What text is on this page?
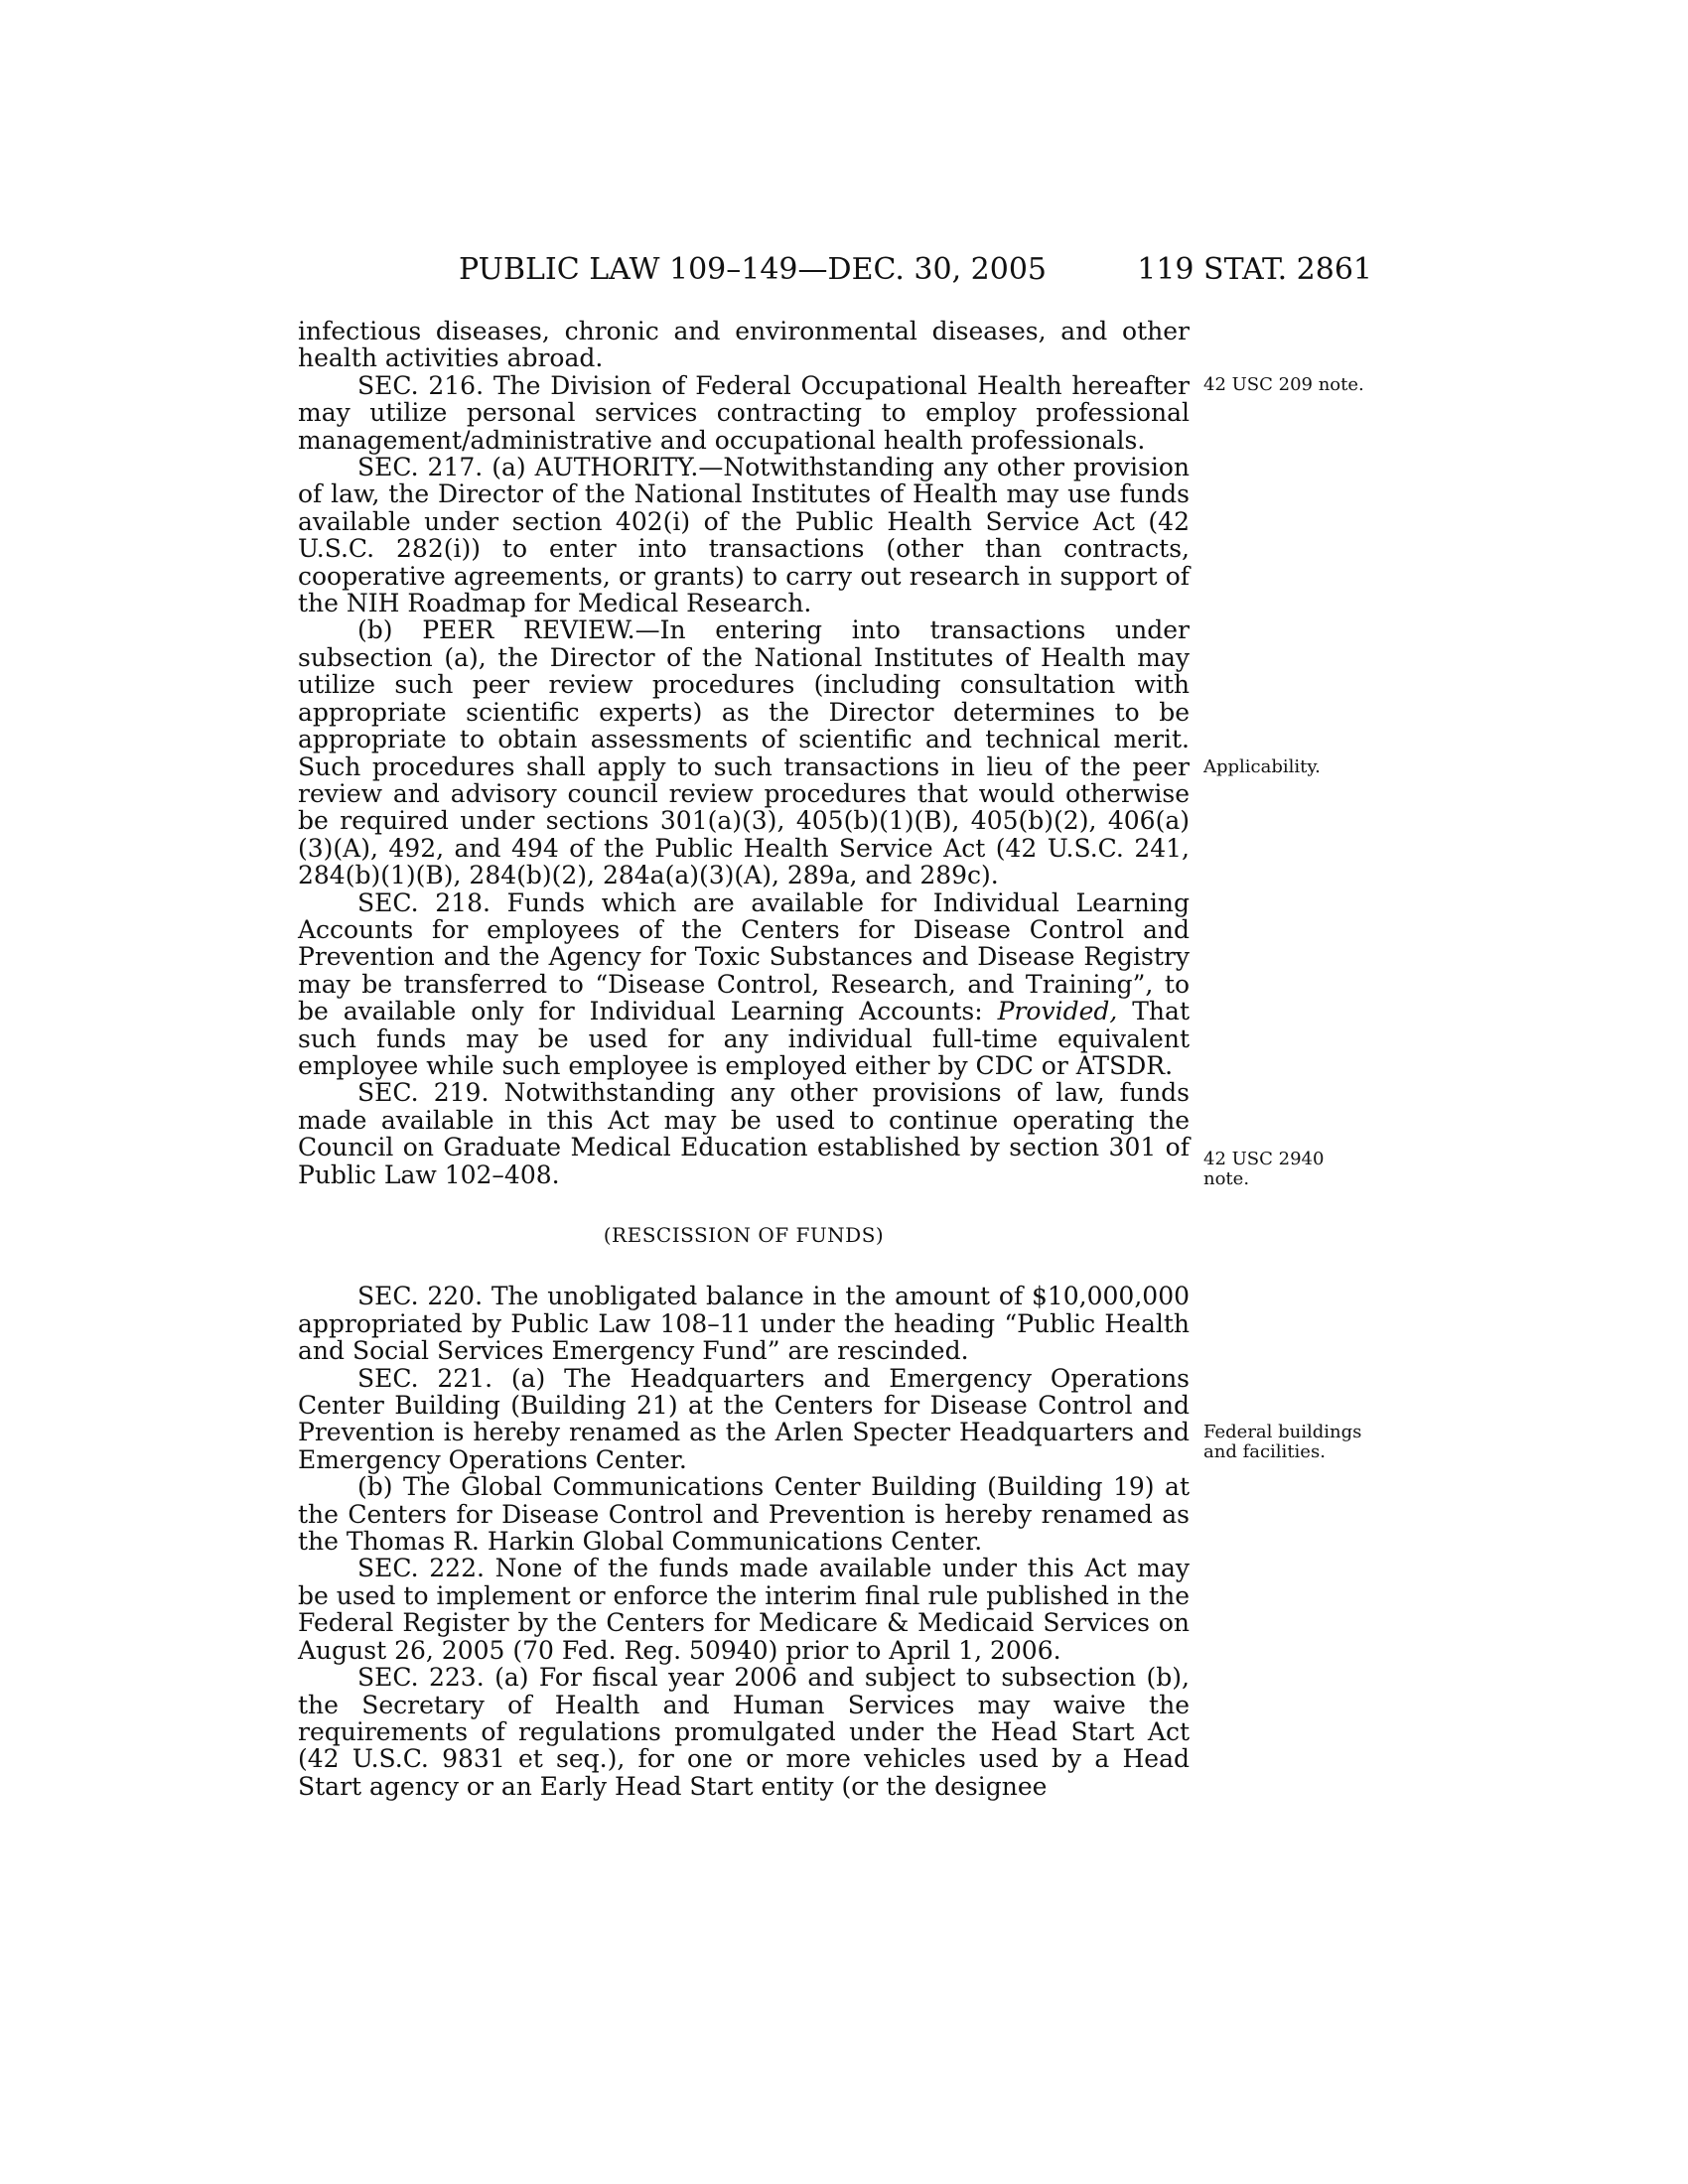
PUBLIC LAW 109–149—DEC. 30, 2005	119 STAT. 2861

infectious diseases, chronic and environmental diseases, and other health activities abroad.

SEC. 216. The Division of Federal Occupational Health hereafter may utilize personal services contracting to employ professional management/administrative and occupational health professionals.

SEC. 217. (a) AUTHORITY.—Notwithstanding any other provision of law, the Director of the National Institutes of Health may use funds available under section 402(i) of the Public Health Service Act (42 U.S.C. 282(i)) to enter into transactions (other than contracts, cooperative agreements, or grants) to carry out research in support of the NIH Roadmap for Medical Research.

(b) PEER REVIEW.—In entering into transactions under subsection (a), the Director of the National Institutes of Health may utilize such peer review procedures (including consultation with appropriate scientific experts) as the Director determines to be appropriate to obtain assessments of scientific and technical merit. Such procedures shall apply to such transactions in lieu of the peer review and advisory council review procedures that would otherwise be required under sections 301(a)(3), 405(b)(1)(B), 405(b)(2), 406(a)(3)(A), 492, and 494 of the Public Health Service Act (42 U.S.C. 241, 284(b)(1)(B), 284(b)(2), 284a(a)(3)(A), 289a, and 289c).

SEC. 218. Funds which are available for Individual Learning Accounts for employees of the Centers for Disease Control and Prevention and the Agency for Toxic Substances and Disease Registry may be transferred to “Disease Control, Research, and Training”, to be available only for Individual Learning Accounts: Provided, That such funds may be used for any individual full-time equivalent employee while such employee is employed either by CDC or ATSDR.

SEC. 219. Notwithstanding any other provisions of law, funds made available in this Act may be used to continue operating the Council on Graduate Medical Education established by section 301 of Public Law 102–408.

(RESCISSION OF FUNDS)

SEC. 220. The unobligated balance in the amount of $10,000,000 appropriated by Public Law 108–11 under the heading “Public Health and Social Services Emergency Fund” are rescinded.

SEC. 221. (a) The Headquarters and Emergency Operations Center Building (Building 21) at the Centers for Disease Control and Prevention is hereby renamed as the Arlen Specter Headquarters and Emergency Operations Center.

(b) The Global Communications Center Building (Building 19) at the Centers for Disease Control and Prevention is hereby renamed as the Thomas R. Harkin Global Communications Center.

SEC. 222. None of the funds made available under this Act may be used to implement or enforce the interim final rule published in the Federal Register by the Centers for Medicare & Medicaid Services on August 26, 2005 (70 Fed. Reg. 50940) prior to April 1, 2006.

SEC. 223. (a) For fiscal year 2006 and subject to subsection (b), the Secretary of Health and Human Services may waive the requirements of regulations promulgated under the Head Start Act (42 U.S.C. 9831 et seq.), for one or more vehicles used by a Head Start agency or an Early Head Start entity (or the designee

42 USC 209 note.
Applicability.
42 USC 2940
note.
Federal buildings
and facilities.
